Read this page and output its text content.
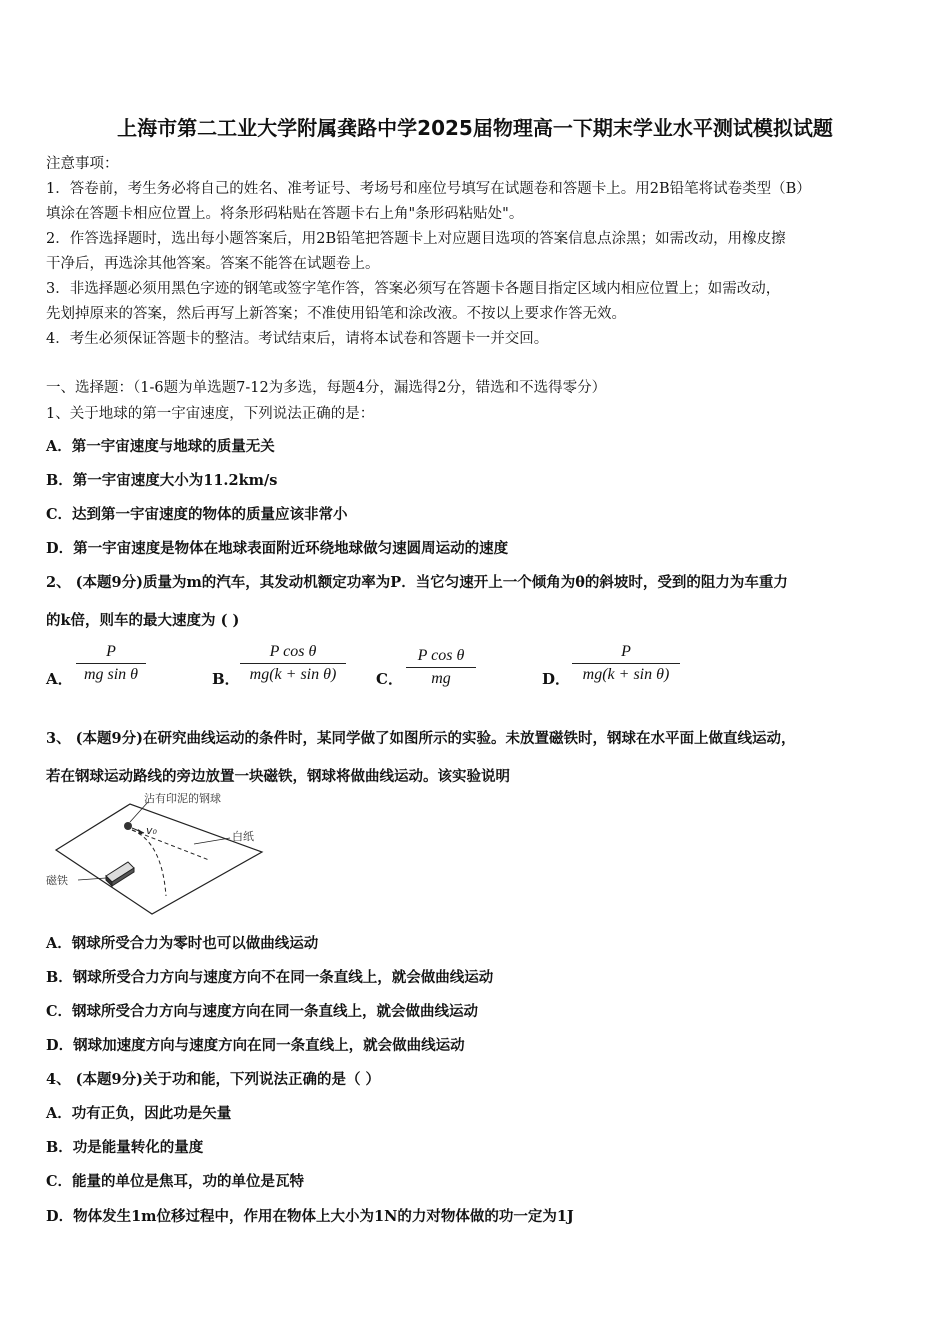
上海市第二工业大学附属龚路中学2025届物理高一下期末学业水平测试模拟试题
注意事项：
1．答卷前，考生务必将自己的姓名、准考证号、考场号和座位号填写在试题卷和答题卡上。用2B铅笔将试卷类型（B）
填涂在答题卡相应位置上。将条形码粘贴在答题卡右上角"条形码粘贴处"。
2．作答选择题时，选出每小题答案后，用2B铅笔把答题卡上对应题目选项的答案信息点涂黑；如需改动，用橡皮擦
干净后，再选涂其他答案。答案不能答在试题卷上。
3．非选择题必须用黑色字迹的钢笔或签字笔作答，答案必须写在答题卡各题目指定区域内相应位置上；如需改动，
先划掉原来的答案，然后再写上新答案；不准使用铅笔和涂改液。不按以上要求作答无效。
4．考生必须保证答题卡的整洁。考试结束后，请将本试卷和答题卡一并交回。
一、选择题：（1-6题为单选题7-12为多选，每题4分，漏选得2分，错选和不选得零分）
1、关于地球的第一宇宙速度，下列说法正确的是：
A．第一宇宙速度与地球的质量无关
B．第一宇宙速度大小为11.2km/s
C．达到第一宇宙速度的物体的质量应该非常小
D．第一宇宙速度是物体在地球表面附近环绕地球做匀速圆周运动的速度
2、 (本题9分)质量为m的汽车，其发动机额定功率为P．当它匀速开上一个倾角为θ的斜坡时，受到的阻力为车重力
的k倍，则车的最大速度为 ( )
A．
P
mg sin θ	B．
P cos θ
mg(k + sin θ)	C．
P cos θ
mg	D．
P
mg(k + sin θ)
3、 (本题9分)在研究曲线运动的条件时，某同学做了如图所示的实验。未放置磁铁时，钢球在水平面上做直线运动，
若在钢球运动路线的旁边放置一块磁铁，钢球将做曲线运动。该实验说明
沾有印泥的钢球
v₀	白纸
磁铁
A．钢球所受合力为零时也可以做曲线运动
B．钢球所受合力方向与速度方向不在同一条直线上，就会做曲线运动
C．钢球所受合力方向与速度方向在同一条直线上，就会做曲线运动
D．钢球加速度方向与速度方向在同一条直线上，就会做曲线运动
4、 (本题9分)关于功和能，下列说法正确的是（ ）
A．功有正负，因此功是矢量
B．功是能量转化的量度
C．能量的单位是焦耳，功的单位是瓦特
D．物体发生1m位移过程中，作用在物体上大小为1N的力对物体做的功一定为1J
